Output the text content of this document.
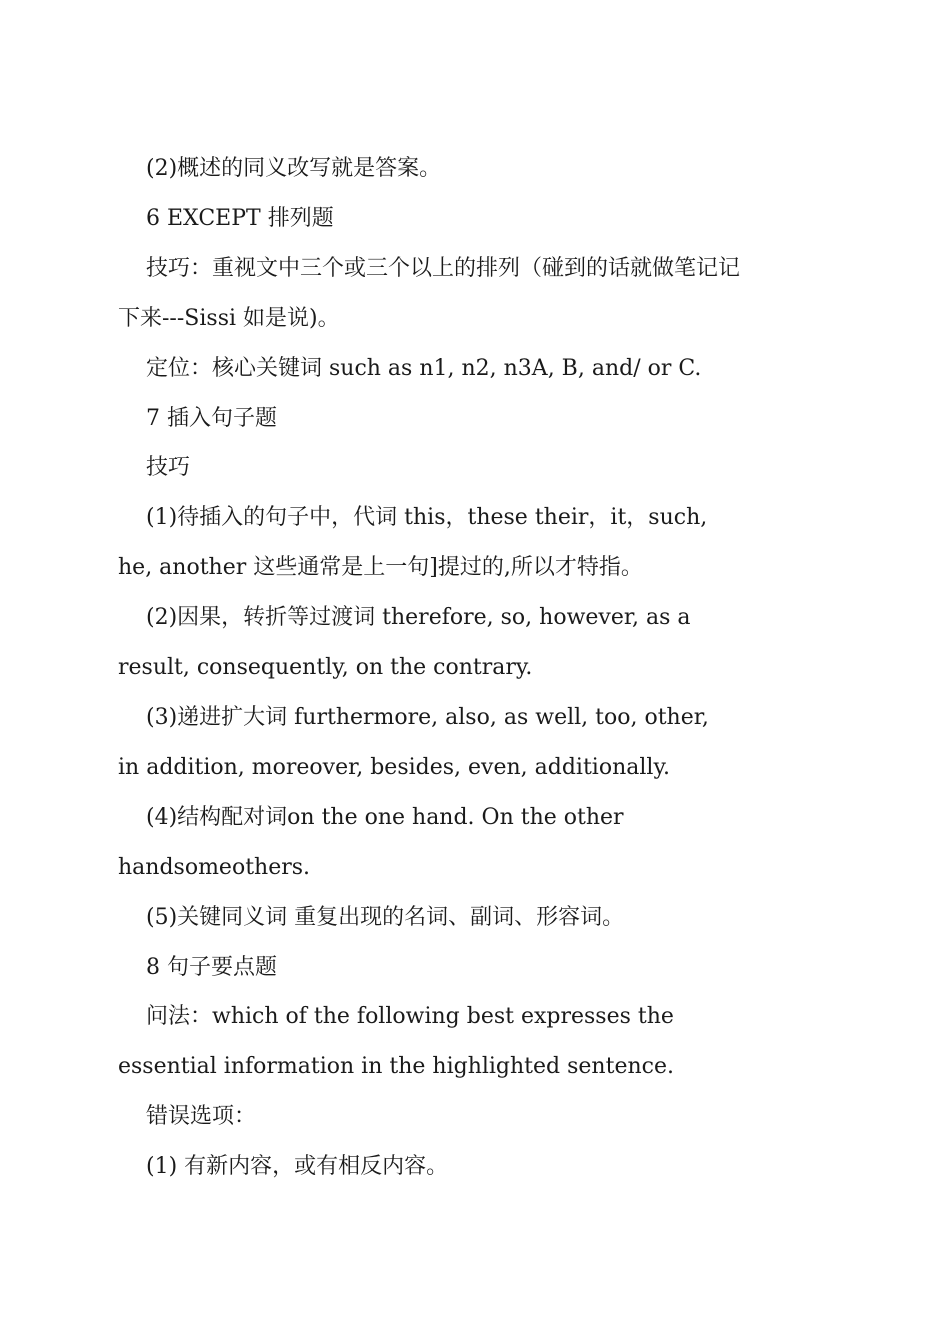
(2)概述的同义改写就是答案。

6 EXCEPT 排列题

技巧：重视文中三个或三个以上的排列（碰到的话就做笔记记

下来---Sissi 如是说)。

定位：核心关键词 such as n1, n2, n3A, B, and/ or C.

7 插入句子题

技巧

(1)待插入的句子中，代词 this，these their，it，such,

he, another 这些通常是上一句]提过的,所以才特指。

(2)因果，转折等过渡词 therefore, so, however, as a

result, consequently, on the contrary.

(3)递进扩大词 furthermore, also, as well, too, other,

in addition, moreover, besides, even, additionally.

(4)结构配对词on the one hand. On the other

handsomeothers.

(5)关键同义词 重复出现的名词、副词、形容词。

8 句子要点题

问法：which of the following best expresses the

essential information in the highlighted sentence.

错误选项：

(1) 有新内容，或有相反内容。
